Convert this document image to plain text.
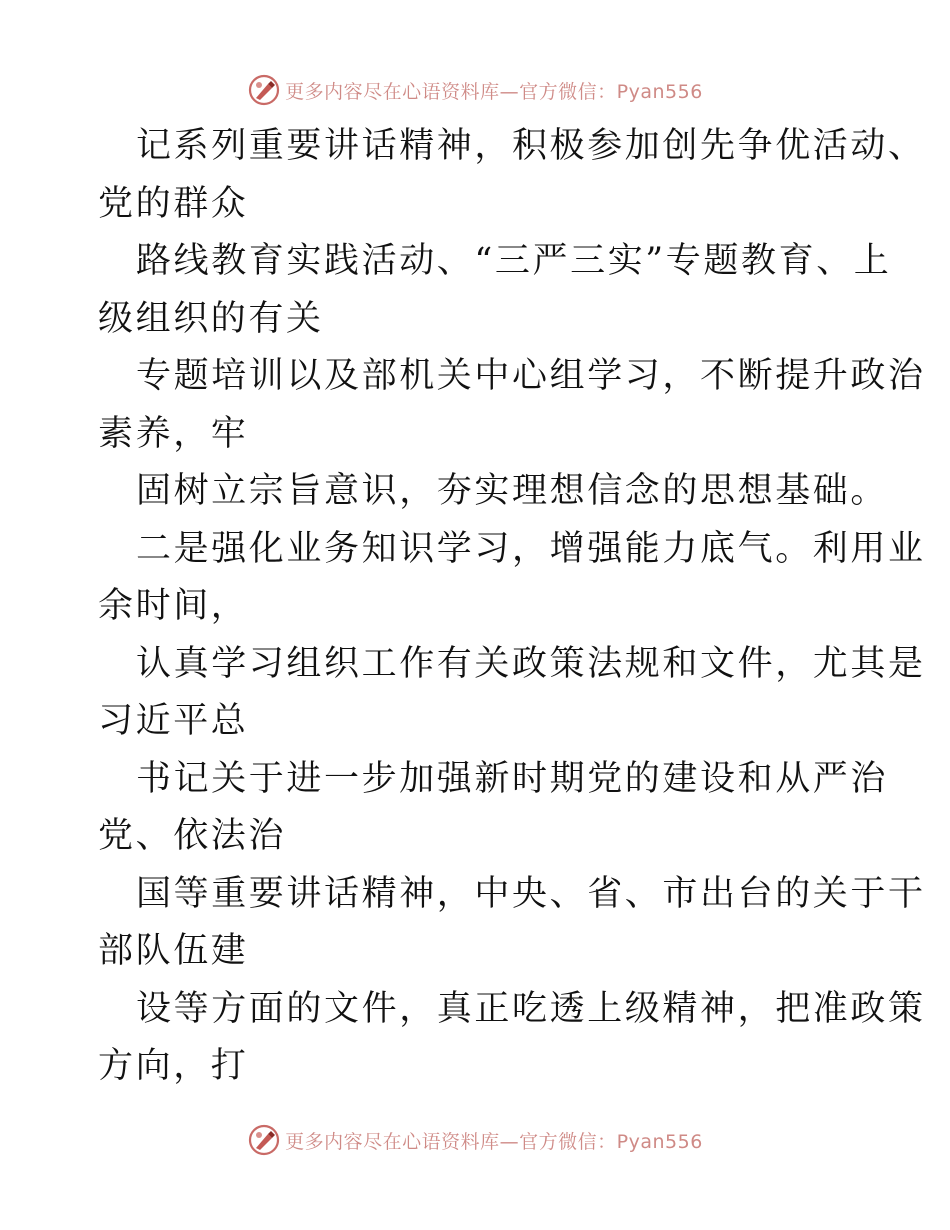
更多内容尽在心语资料库—官方微信：Pyan556
记系列重要讲话精神，积极参加创先争优活动、
党的群众
路线教育实践活动、“三严三实”专题教育、上
级组织的有关
专题培训以及部机关中心组学习，不断提升政治
素养，牢
固树立宗旨意识，夯实理想信念的思想基础。
二是强化业务知识学习，增强能力底气。利用业
余时间，
认真学习组织工作有关政策法规和文件，尤其是
习近平总
书记关于进一步加强新时期党的建设和从严治
党、依法治
国等重要讲话精神，中央、省、市出台的关于干
部队伍建
设等方面的文件，真正吃透上级精神，把准政策
方向，打
更多内容尽在心语资料库—官方微信：Pyan556
